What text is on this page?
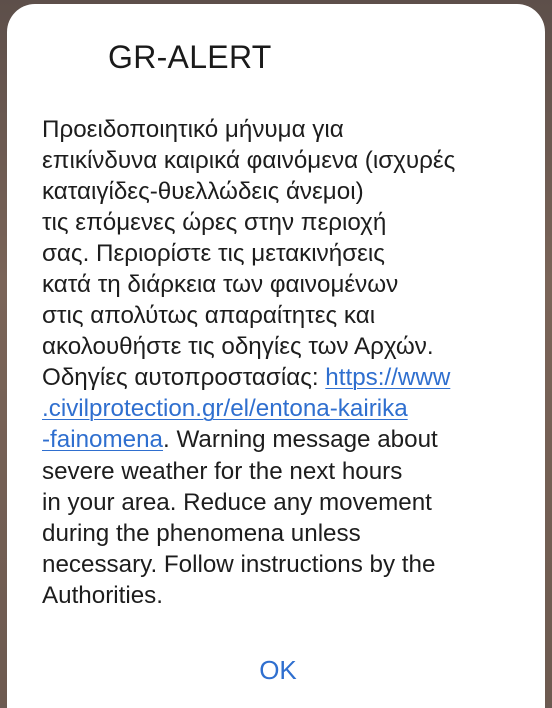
GR-ALERT

Προειδοποιητικό μήνυμα για
επικίνδυνα καιρικά φαινόμενα (ισχυρές
καταιγίδες-θυελλώδεις άνεμοι)
τις επόμενες ώρες στην περιοχή
σας. Περιορίστε τις μετακινήσεις
κατά τη διάρκεια των φαινομένων
στις απολύτως απαραίτητες και
ακολουθήστε τις οδηγίες των Αρχών.
Οδηγίες αυτοπροστασίας: https://www
.civilprotection.gr/el/entona-kairika
-fainomena. Warning message about
severe weather for the next hours
in your area. Reduce any movement
during the phenomena unless
necessary. Follow instructions by the
Authorities.

OK
